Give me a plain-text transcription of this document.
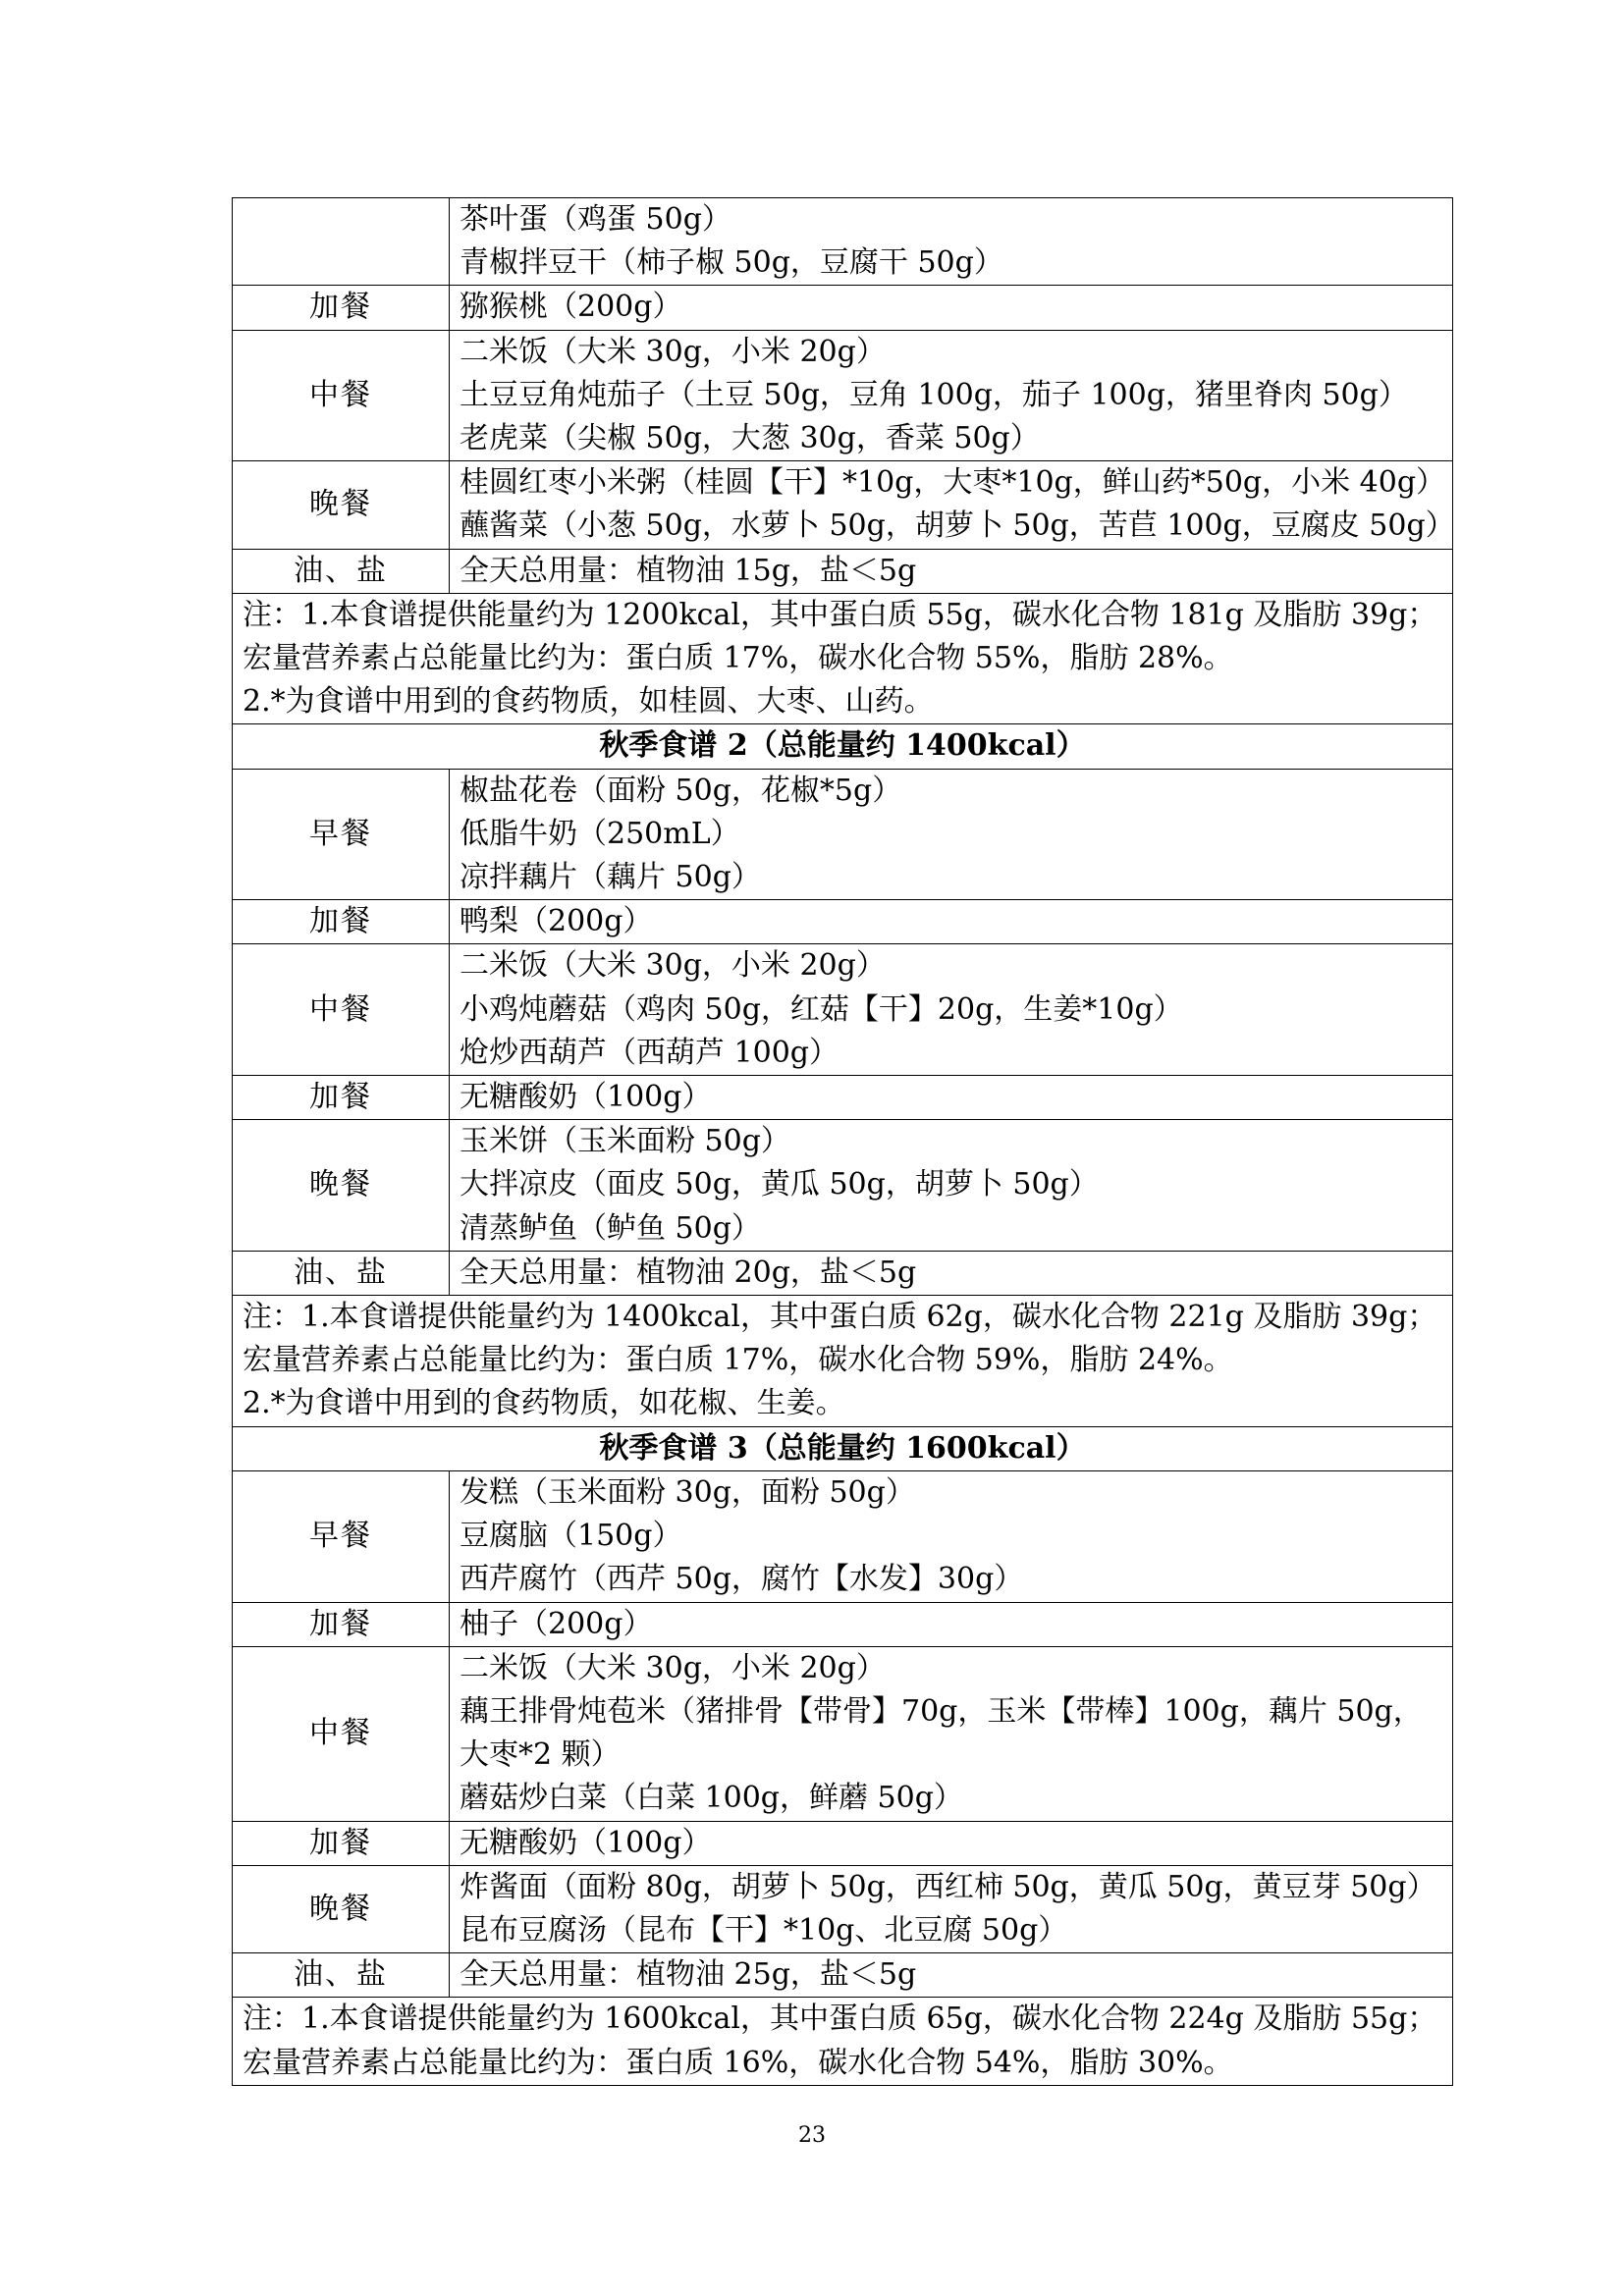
	茶叶蛋（鸡蛋 50g）
青椒拌豆干（柿子椒 50g，豆腐干 50g）

加餐	猕猴桃（200g）

中餐	二米饭（大米 30g，小米 20g）
土豆豆角炖茄子（土豆 50g，豆角 100g，茄子 100g，猪里脊肉 50g）
老虎菜（尖椒 50g，大葱 30g，香菜 50g）

晚餐	桂圆红枣小米粥（桂圆【干】*10g，大枣*10g，鲜山药*50g，小米 40g）
蘸酱菜（小葱 50g，水萝卜 50g，胡萝卜 50g，苦苣 100g，豆腐皮 50g）

油、盐	全天总用量：植物油 15g，盐＜5g

注：1.本食谱提供能量约为 1200kcal，其中蛋白质 55g，碳水化合物 181g 及脂肪 39g；宏量营养素占总能量比约为：蛋白质 17%，碳水化合物 55%，脂肪 28%。
2.*为食谱中用到的食药物质，如桂圆、大枣、山药。	

秋季食谱 2（总能量约 1400kcal）	
早餐	椒盐花卷（面粉 50g，花椒*5g）
低脂牛奶（250mL）
凉拌藕片（藕片 50g）

加餐	鸭梨（200g）

中餐	二米饭（大米 30g，小米 20g）
小鸡炖蘑菇（鸡肉 50g，红菇【干】20g，生姜*10g）
炝炒西葫芦（西葫芦 100g）

加餐	无糖酸奶（100g）

晚餐	玉米饼（玉米面粉 50g）
大拌凉皮（面皮 50g，黄瓜 50g，胡萝卜 50g）
清蒸鲈鱼（鲈鱼 50g）

油、盐	全天总用量：植物油 20g，盐＜5g

注：1.本食谱提供能量约为 1400kcal，其中蛋白质 62g，碳水化合物 221g 及脂肪 39g；宏量营养素占总能量比约为：蛋白质 17%，碳水化合物 59%，脂肪 24%。
2.*为食谱中用到的食药物质，如花椒、生姜。	

秋季食谱 3（总能量约 1600kcal）	
早餐	发糕（玉米面粉 30g，面粉 50g）
豆腐脑（150g）
西芹腐竹（西芹 50g，腐竹【水发】30g）

加餐	柚子（200g）

中餐	二米饭（大米 30g，小米 20g）
藕王排骨炖苞米（猪排骨【带骨】70g，玉米【带棒】100g，藕片 50g，大枣*2 颗）
蘑菇炒白菜（白菜 100g，鲜蘑 50g）

加餐	无糖酸奶（100g）

晚餐	炸酱面（面粉 80g，胡萝卜 50g，西红柿 50g，黄瓜 50g，黄豆芽 50g）
昆布豆腐汤（昆布【干】*10g、北豆腐 50g）

油、盐	全天总用量：植物油 25g，盐＜5g

注：1.本食谱提供能量约为 1600kcal，其中蛋白质 65g，碳水化合物 224g 及脂肪 55g；宏量营养素占总能量比约为：蛋白质 16%，碳水化合物 54%，脂肪 30%。	
23
